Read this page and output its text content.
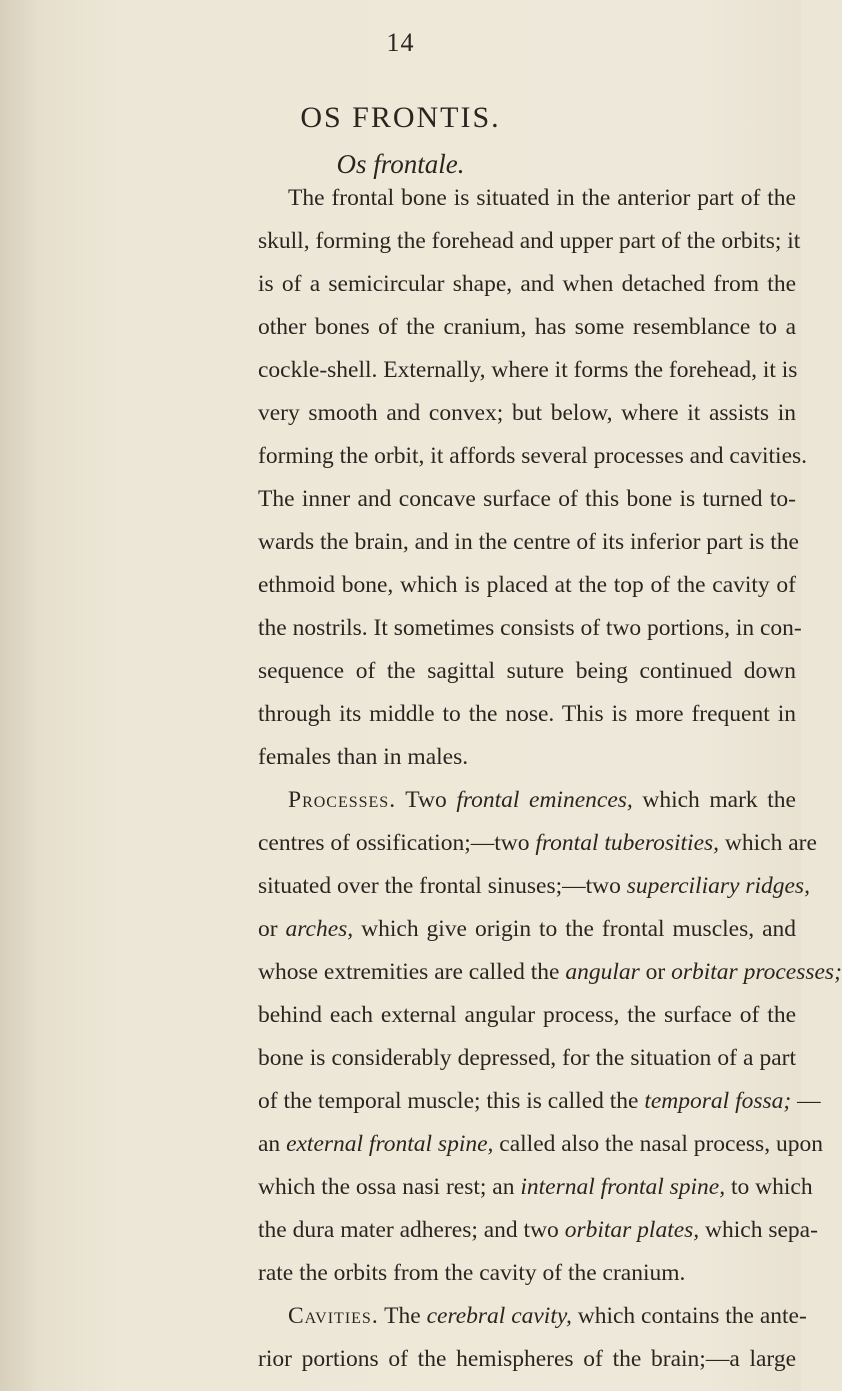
14
OS FRONTIS.
Os frontale.
The frontal bone is situated in the anterior part of the
skull, forming the forehead and upper part of the orbits; it
is of a semicircular shape, and when detached from the
other bones of the cranium, has some resemblance to a
cockle-shell. Externally, where it forms the forehead, it is
very smooth and convex; but below, where it assists in
forming the orbit, it affords several processes and cavities.
The inner and concave surface of this bone is turned to-
wards the brain, and in the centre of its inferior part is the
ethmoid bone, which is placed at the top of the cavity of
the nostrils. It sometimes consists of two portions, in con-
sequence of the sagittal suture being continued down
through its middle to the nose. This is more frequent in
females than in males.
Processes. Two frontal eminences, which mark the
centres of ossification;—two frontal tuberosities, which are
situated over the frontal sinuses;—two superciliary ridges,
or arches, which give origin to the frontal muscles, and
whose extremities are called the angular or orbitar processes;
behind each external angular process, the surface of the
bone is considerably depressed, for the situation of a part
of the temporal muscle; this is called the temporal fossa; —
an external frontal spine, called also the nasal process, upon
which the ossa nasi rest; an internal frontal spine, to which
the dura mater adheres; and two orbitar plates, which sepa-
rate the orbits from the cavity of the cranium.
Cavities. The cerebral cavity, which contains the ante-
rior portions of the hemispheres of the brain;—a large
